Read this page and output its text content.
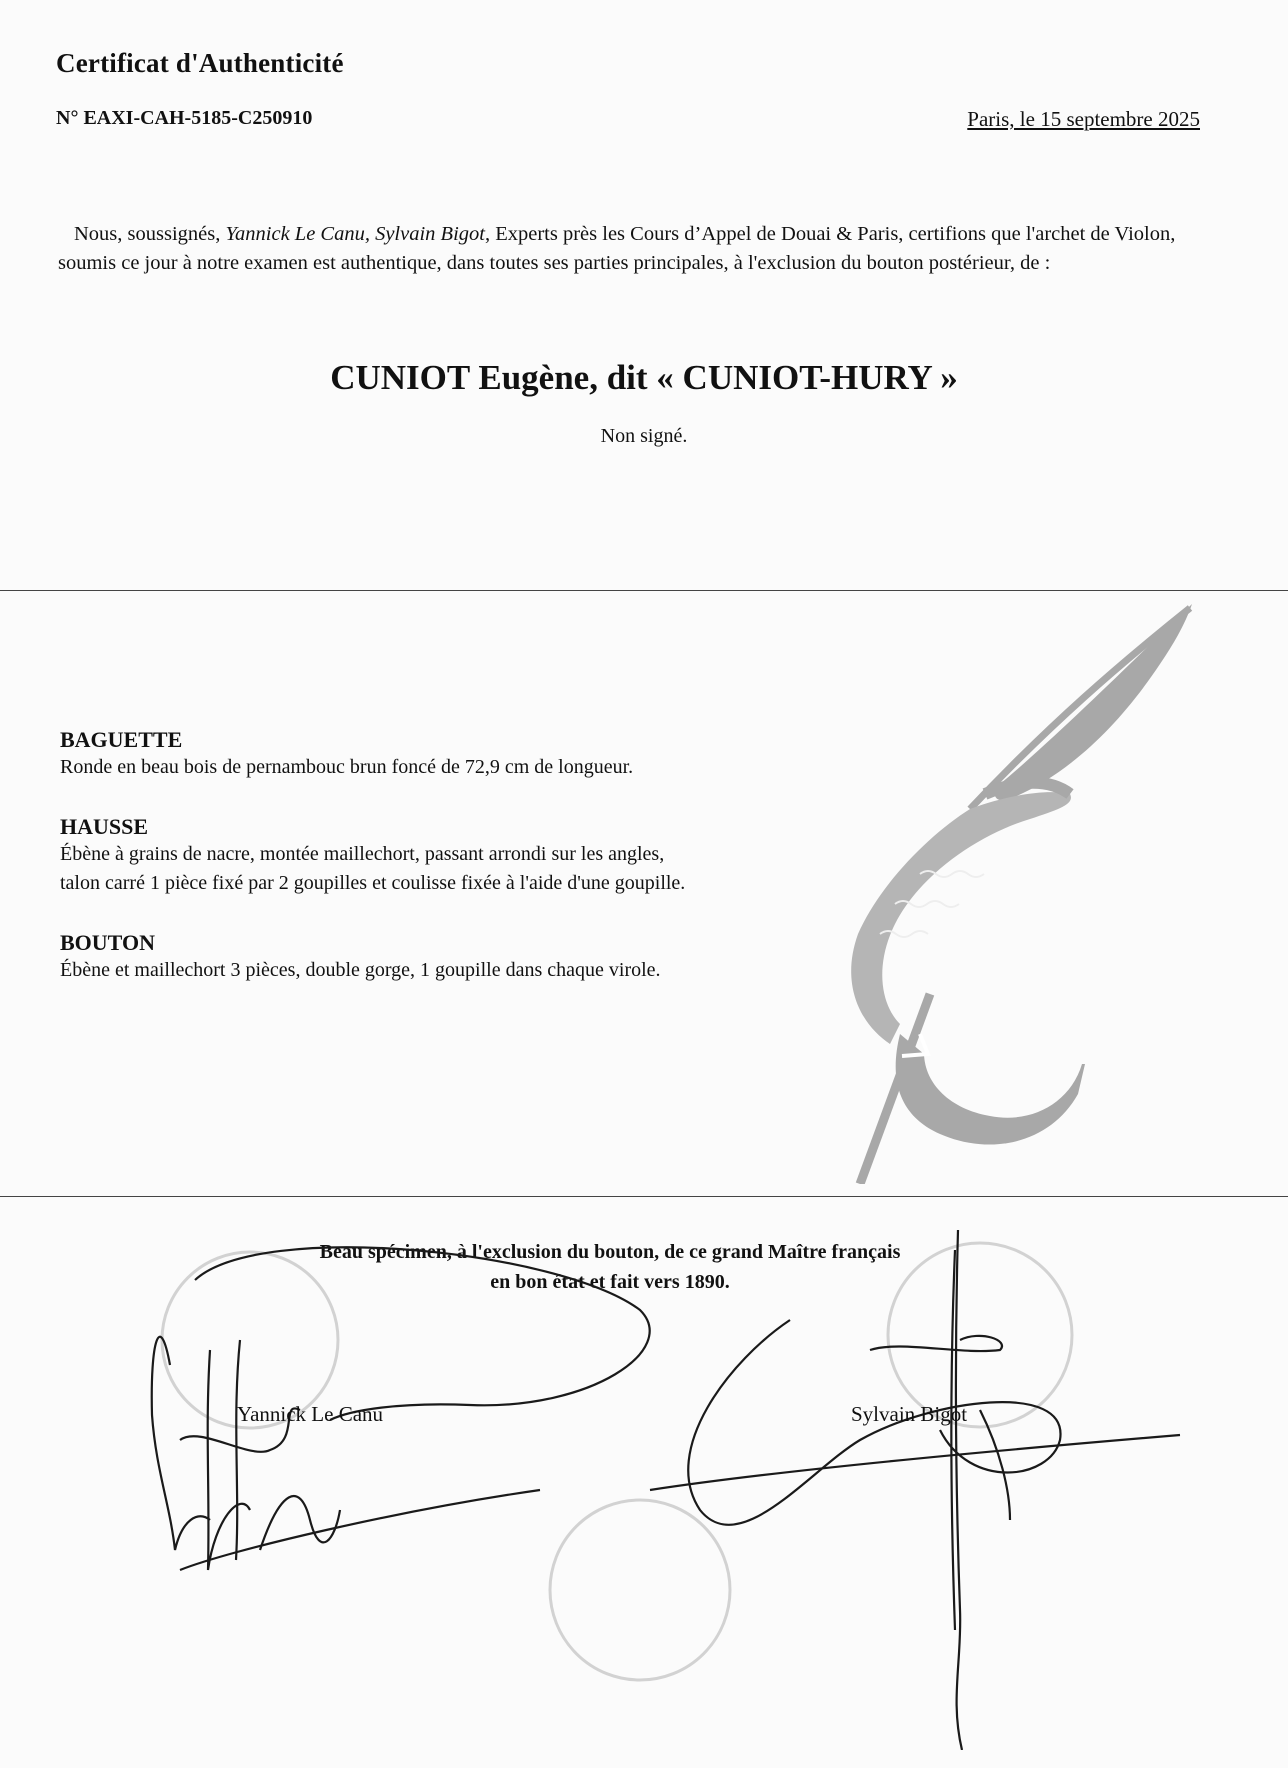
Certificat d'Authenticité
N° EAXI-CAH-5185-C250910	Paris, le 15 septembre 2025

Nous, soussignés, Yannick Le Canu, Sylvain Bigot, Experts près les Cours d’Appel de Douai & Paris, certifions que l'archet de Violon, soumis ce jour à notre examen est authentique, dans toutes ses parties principales, à l'exclusion du bouton postérieur, de :

CUNIOT Eugène, dit « CUNIOT-HURY »
Non signé.
BAGUETTE

Ronde en beau bois de pernambouc brun foncé de 72,9 cm de longueur.

HAUSSE

Ébène à grains de nacre, montée maillechort, passant arrondi sur les angles,
talon carré 1 pièce fixé par 2 goupilles et coulisse fixée à l'aide d'une goupille.

BOUTON

Ébène et maillechort 3 pièces, double gorge, 1 goupille dans chaque virole.

Beau spécimen, à l'exclusion du bouton, de ce grand Maître français
en bon état et fait vers 1890.
Yannick Le Canu	Sylvain Bigot
